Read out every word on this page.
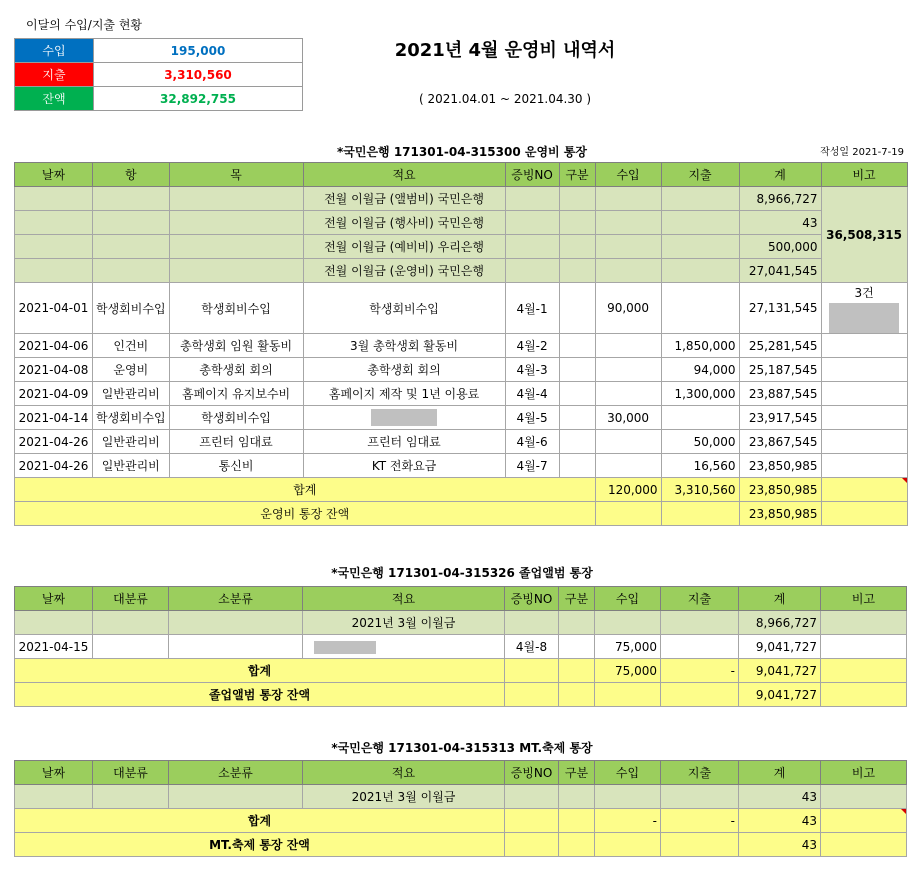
이달의 수입/지출 현황
수입	195,000
지출	3,310,560
잔액	32,892,755
2021년 4월 운영비 내역서
( 2021.04.01 ~ 2021.04.30 )
작성일 2021-7-19
*국민은행 171301-04-315300 운영비 통장
날짜	항	목	적요	증빙NO	구분	수입	지출	계	비고
			전월 이월금 (앨범비) 국민은행					8,966,727	36,508,315
			전월 이월금 (행사비) 국민은행					43	
			전월 이월금 (예비비) 우리은행					500,000	
			전월 이월금 (운영비) 국민은행					27,041,545	
2021-04-01	학생회비수입	학생회비수입	학생회비수입	4월-1		90,000		27,131,545	3건

2021-04-06	인건비	총학생회 임원 활동비	3월 총학생회 활동비	4월-2			1,850,000	25,281,545	
2021-04-08	운영비	총학생회 회의	총학생회 회의	4월-3			94,000	25,187,545	
2021-04-09	일반관리비	홈페이지 유지보수비	홈페이지 제작 및 1년 이용료	4월-4			1,300,000	23,887,545	
2021-04-14	학생회비수입	학생회비수입		4월-5		30,000		23,917,545	
2021-04-26	일반관리비	프린터 임대료	프린터 임대료	4월-6			50,000	23,867,545	
2021-04-26	일반관리비	통신비	KT 전화요금	4월-7			16,560	23,850,985	
합계						120,000	3,310,560	23,850,985	
운영비 통장 잔액								23,850,985	
*국민은행 171301-04-315326 졸업앨범 통장
날짜	대분류	소분류	적요	증빙NO	구분	수입	지출	계	비고
			2021년 3월 이월금					8,966,727	
2021-04-15				4월-8		75,000		9,041,727	
합계						75,000	-	9,041,727	
졸업앨범 통장 잔액								9,041,727	
*국민은행 171301-04-315313 MT.축제 통장
날짜	대분류	소분류	적요	증빙NO	구분	수입	지출	계	비고
			2021년 3월 이월금					43	
합계						-	-	43	
MT.축제 통장 잔액								43	
